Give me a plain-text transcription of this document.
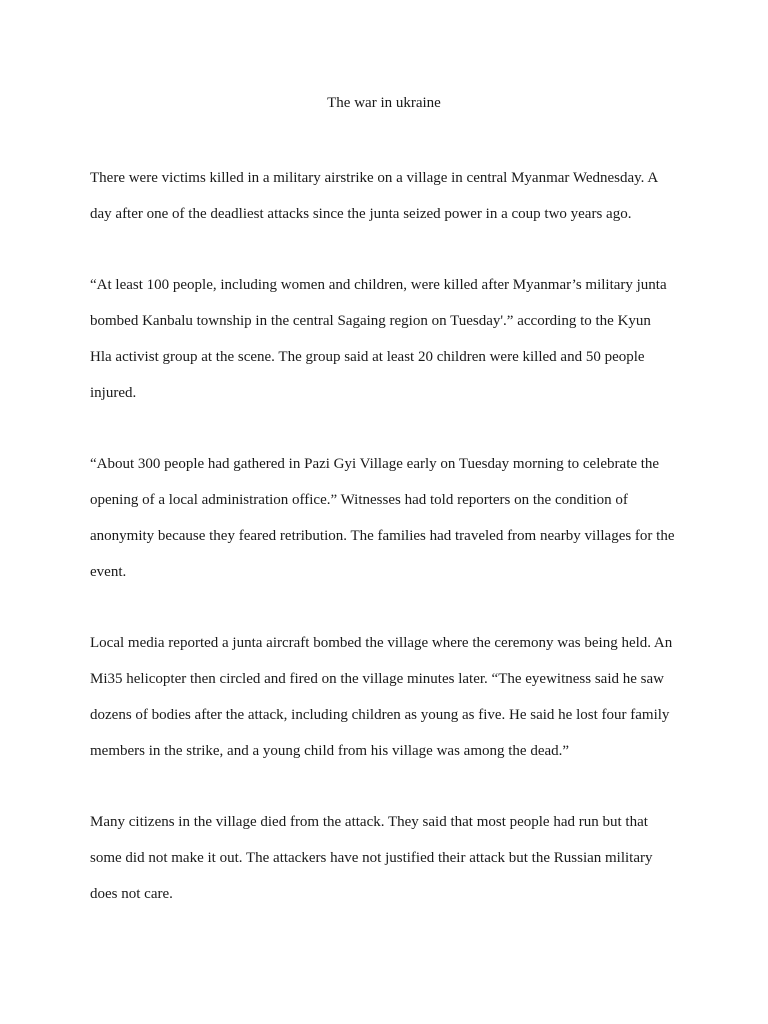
The war in ukraine
There were victims killed in a military airstrike on a village in central Myanmar Wednesday. A
day after one of the deadliest attacks since the junta seized power in a coup two years ago.
“At least 100 people, including women and children, were killed after Myanmar’s military junta
bombed Kanbalu township in the central Sagaing region on Tuesday'.” according to the Kyun
Hla activist group at the scene. The group said at least 20 children were killed and 50 people
injured.
“About 300 people had gathered in Pazi Gyi Village early on Tuesday morning to celebrate the
opening of a local administration office.” Witnesses had told reporters on the condition of
anonymity because they feared retribution. The families had traveled from nearby villages for the
event.
Local media reported a junta aircraft bombed the village where the ceremony was being held. An
Mi35 helicopter then circled and fired on the village minutes later. “The eyewitness said he saw
dozens of bodies after the attack, including children as young as five. He said he lost four family
members in the strike, and a young child from his village was among the dead.”
Many citizens in the village died from the attack. They said that most people had run but that
some did not make it out. The attackers have not justified their attack but the Russian military
does not care.
